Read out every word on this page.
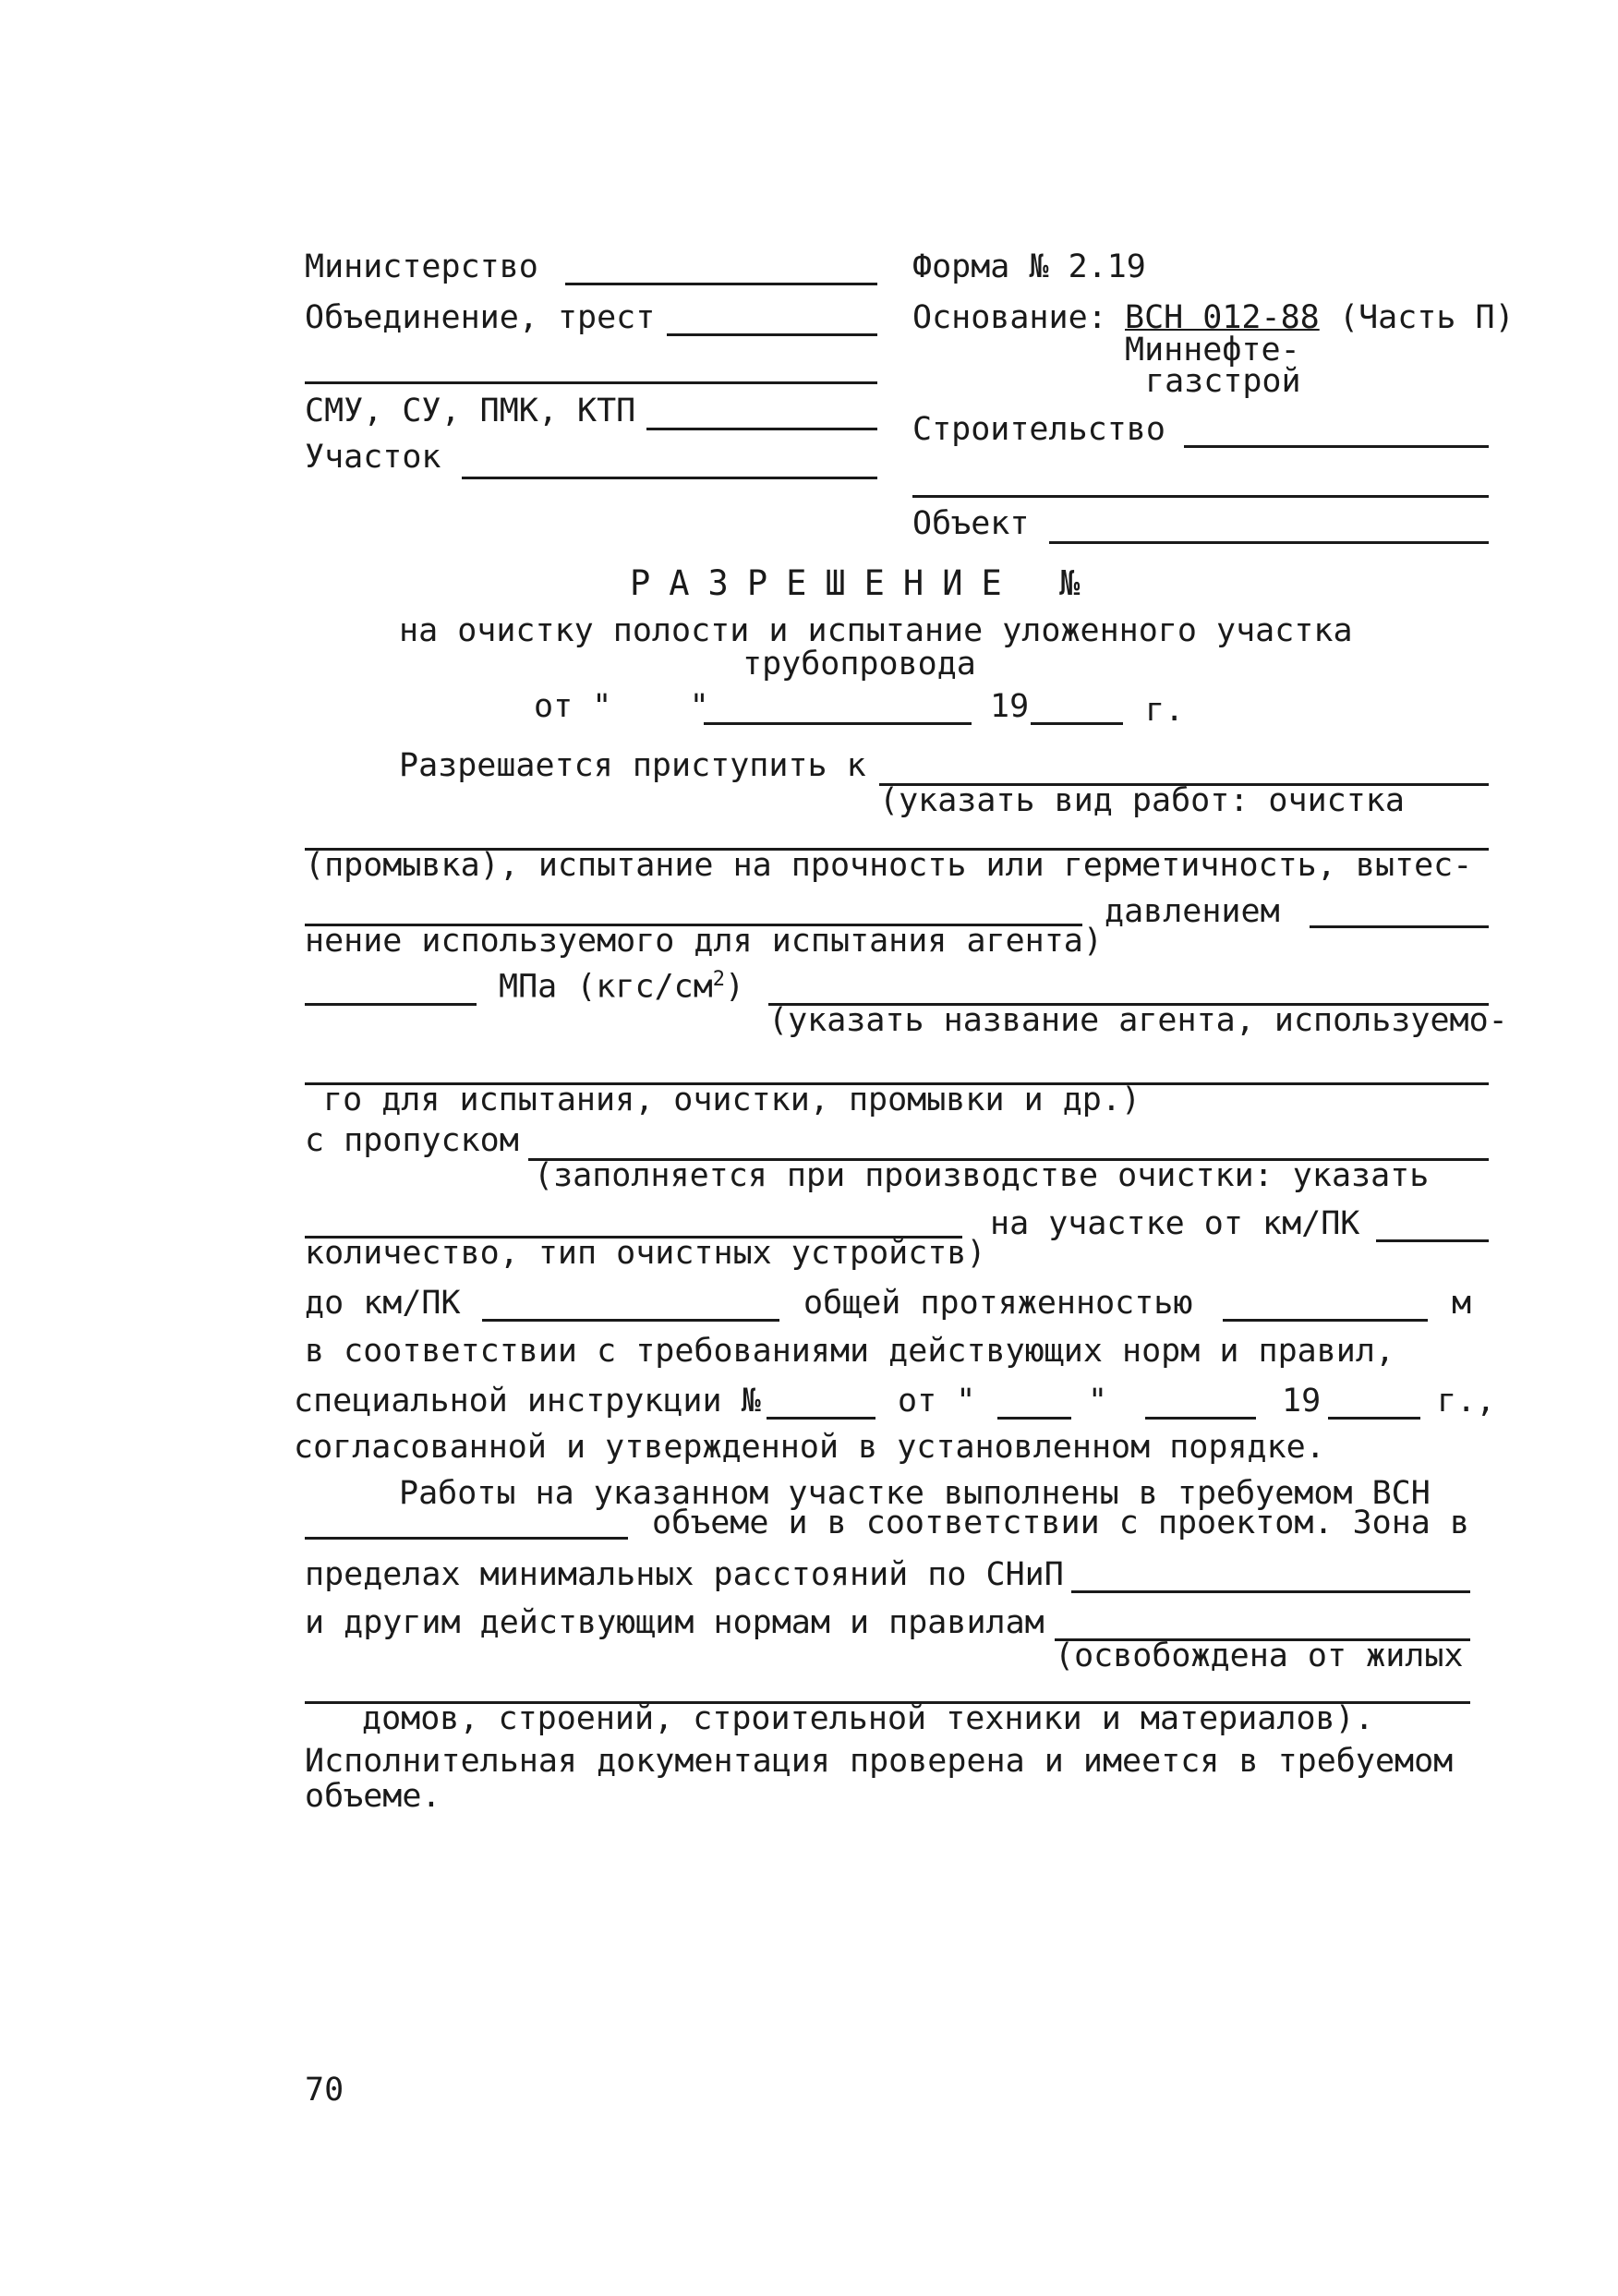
Министерство
Объединение, трест
СМУ, СУ, ПМК, КТП
Участок
Форма № 2.19
Основание: ВСН 012-88 (Часть П)
Миннефте-
газстрой
Строительство
Объект
РАЗРЕШЕНИЕ №
на очистку полости и испытание уложенного участка
трубопровода
от "    "	19	г.
Разрешается приступить к
(указать вид работ: очистка
(промывка), испытание на прочность или герметичность, вытес-
давлением
нение используемого для испытания агента)
МПа $(кгс/см^2)$
(указать название агента, используемо-
го для испытания, очистки, промывки и др.)
с пропуском
(заполняется при производстве очистки: указать
на участке от км/ПК
количество, тип очистных устройств)
до км/ПК	общей протяженностью	м
в соответствии с требованиями действующих норм и правил,
специальной инструкции №	от "	"	19	г.,
согласованной и утвержденной в установленном порядке.
Работы на указанном участке выполнены в требуемом ВСН
объеме и в соответствии с проектом. Зона в
пределах минимальных расстояний по СНиП
и другим действующим нормам и правилам
(освобождена от жилых
домов, строений, строительной техники и материалов).
Исполнительная документация проверена и имеется в требуемом
объеме.
70
